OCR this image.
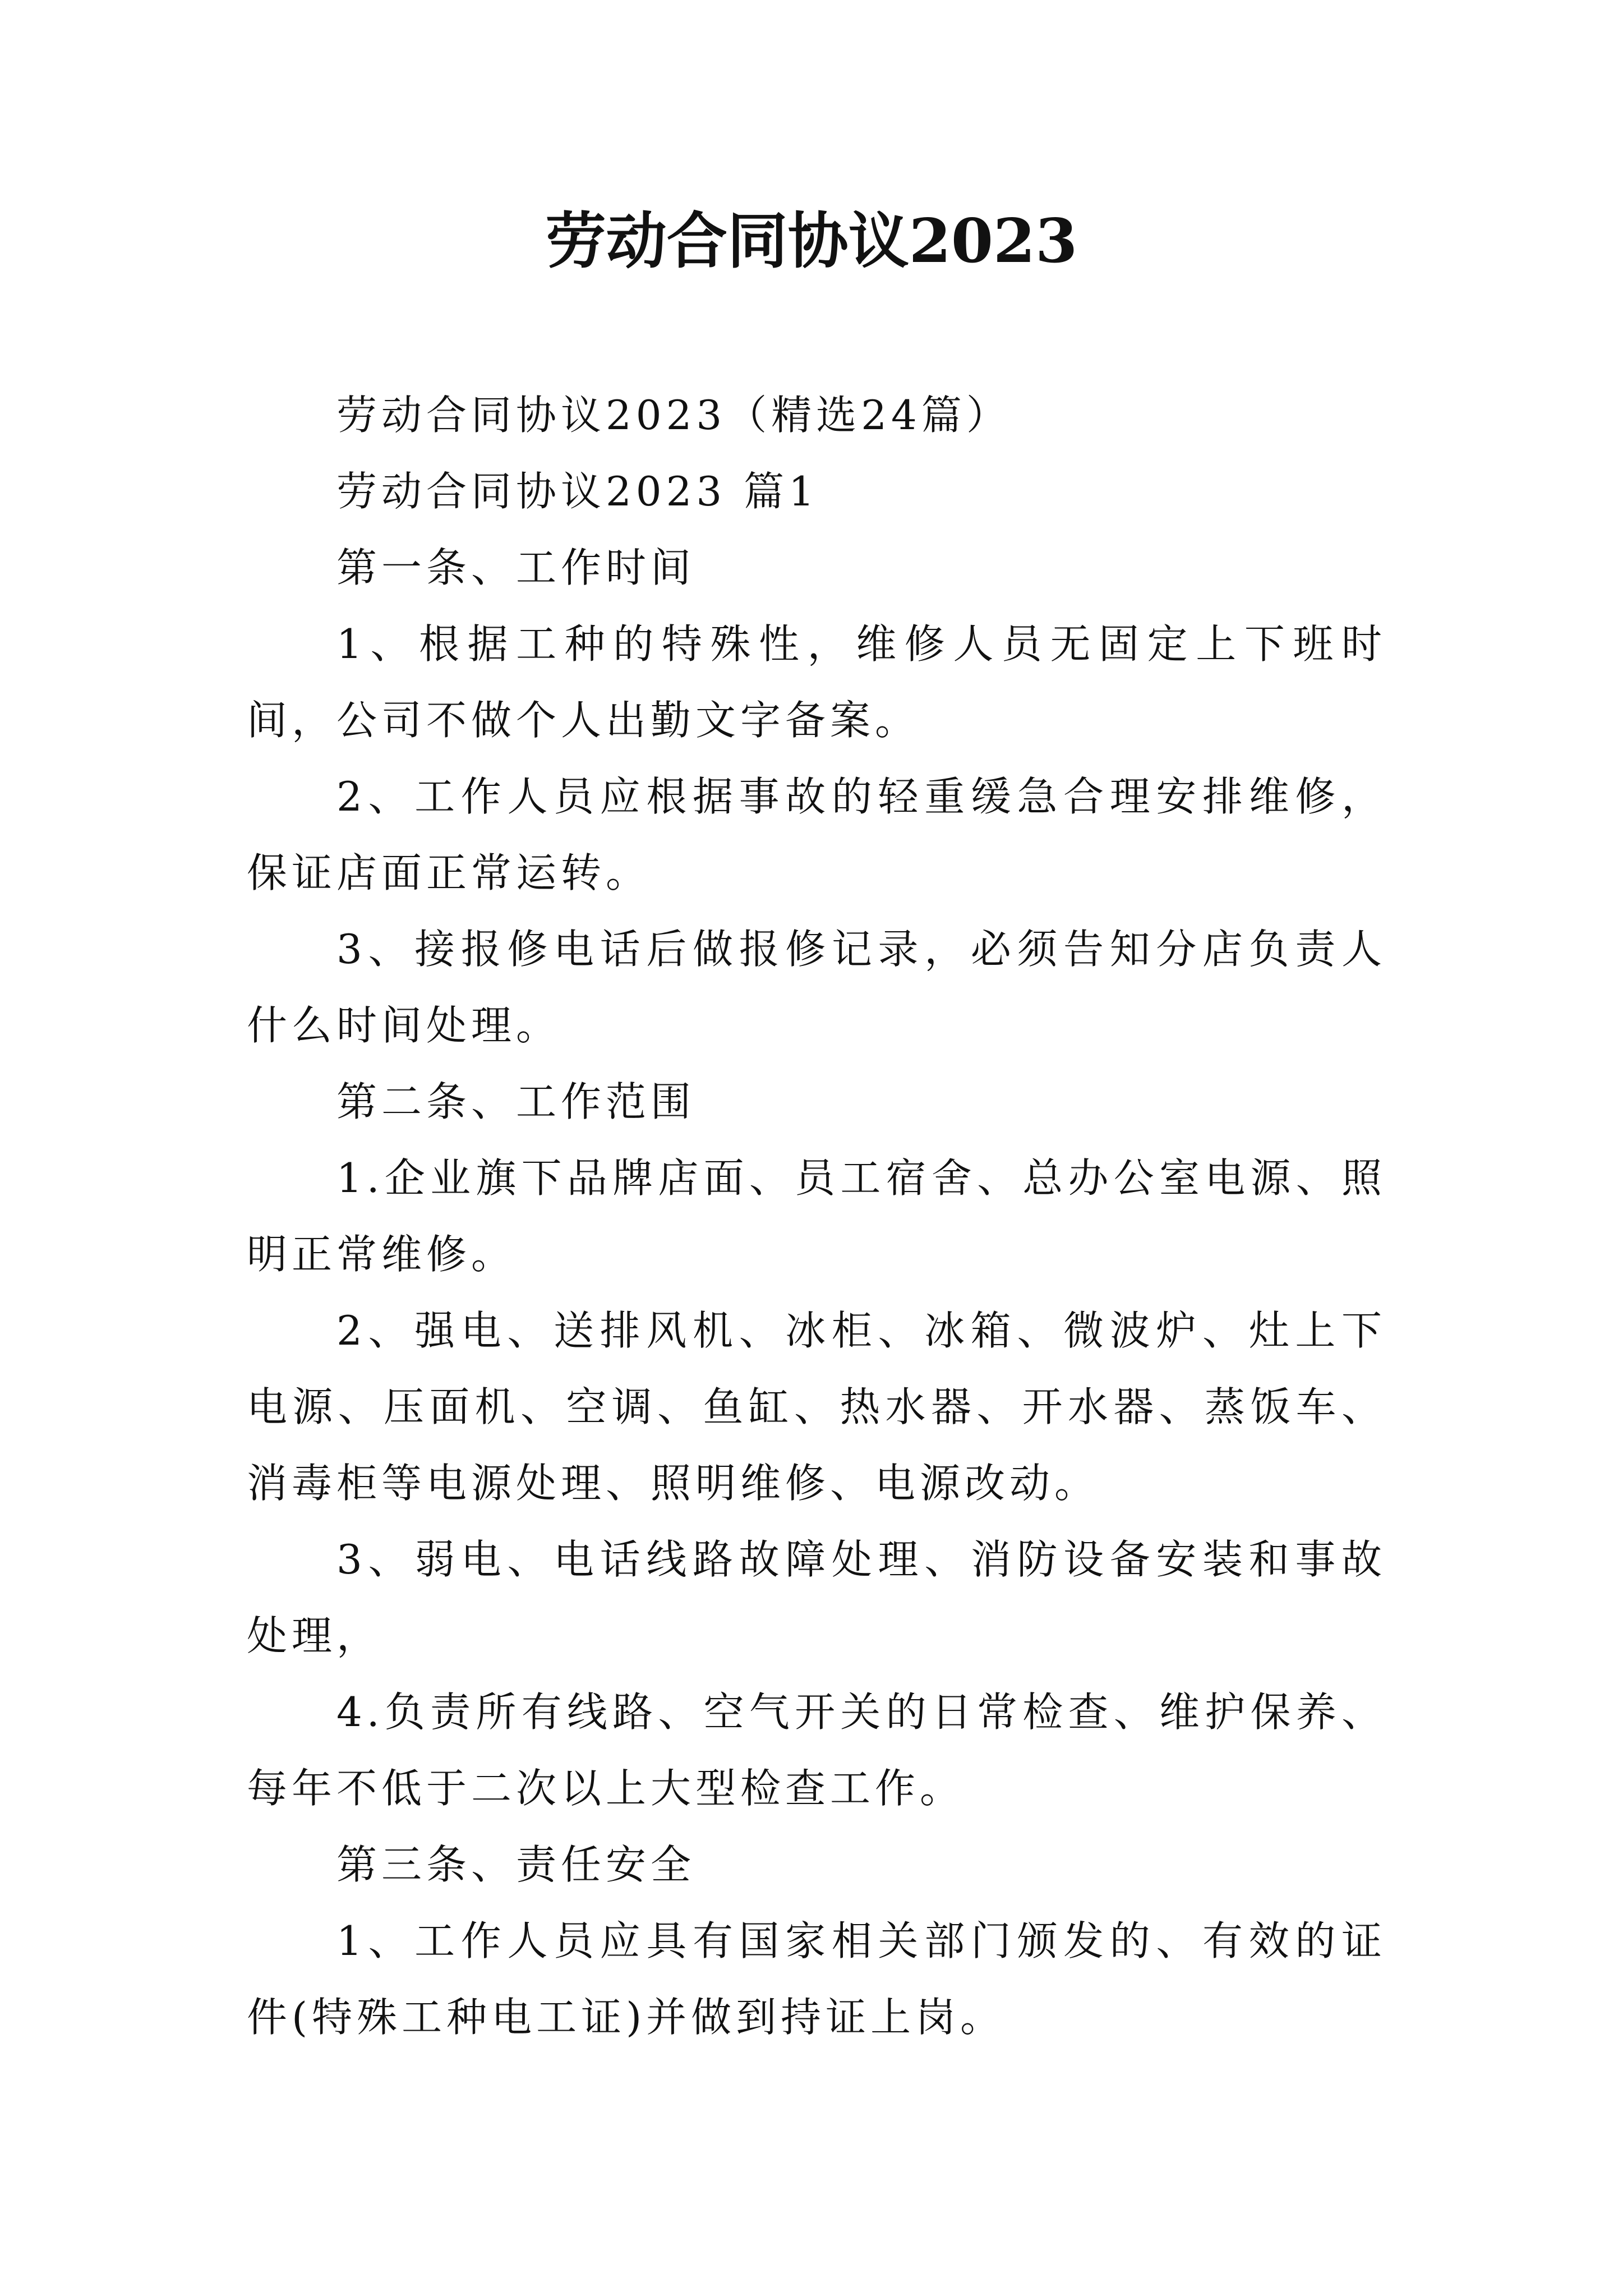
劳动合同协议2023

劳动合同协议2023（精选24篇）

劳动合同协议2023 篇1

第一条、工作时间

1、根据工种的特殊性，维修人员无固定上下班时间，公司不做个人出勤文字备案。

2、工作人员应根据事故的轻重缓急合理安排维修，保证店面正常运转。

3、接报修电话后做报修记录，必须告知分店负责人什么时间处理。

第二条、工作范围

1.企业旗下品牌店面、员工宿舍、总办公室电源、照明正常维修。

2、强电、送排风机、冰柜、冰箱、微波炉、灶上下电源、压面机、空调、鱼缸、热水器、开水器、蒸饭车、消毒柜等电源处理、照明维修、电源改动。

3、弱电、电话线路故障处理、消防设备安装和事故处理，

4.负责所有线路、空气开关的日常检查、维护保养、每年不低于二次以上大型检查工作。

第三条、责任安全

1、工作人员应具有国家相关部门颁发的、有效的证件(特殊工种电工证)并做到持证上岗。
